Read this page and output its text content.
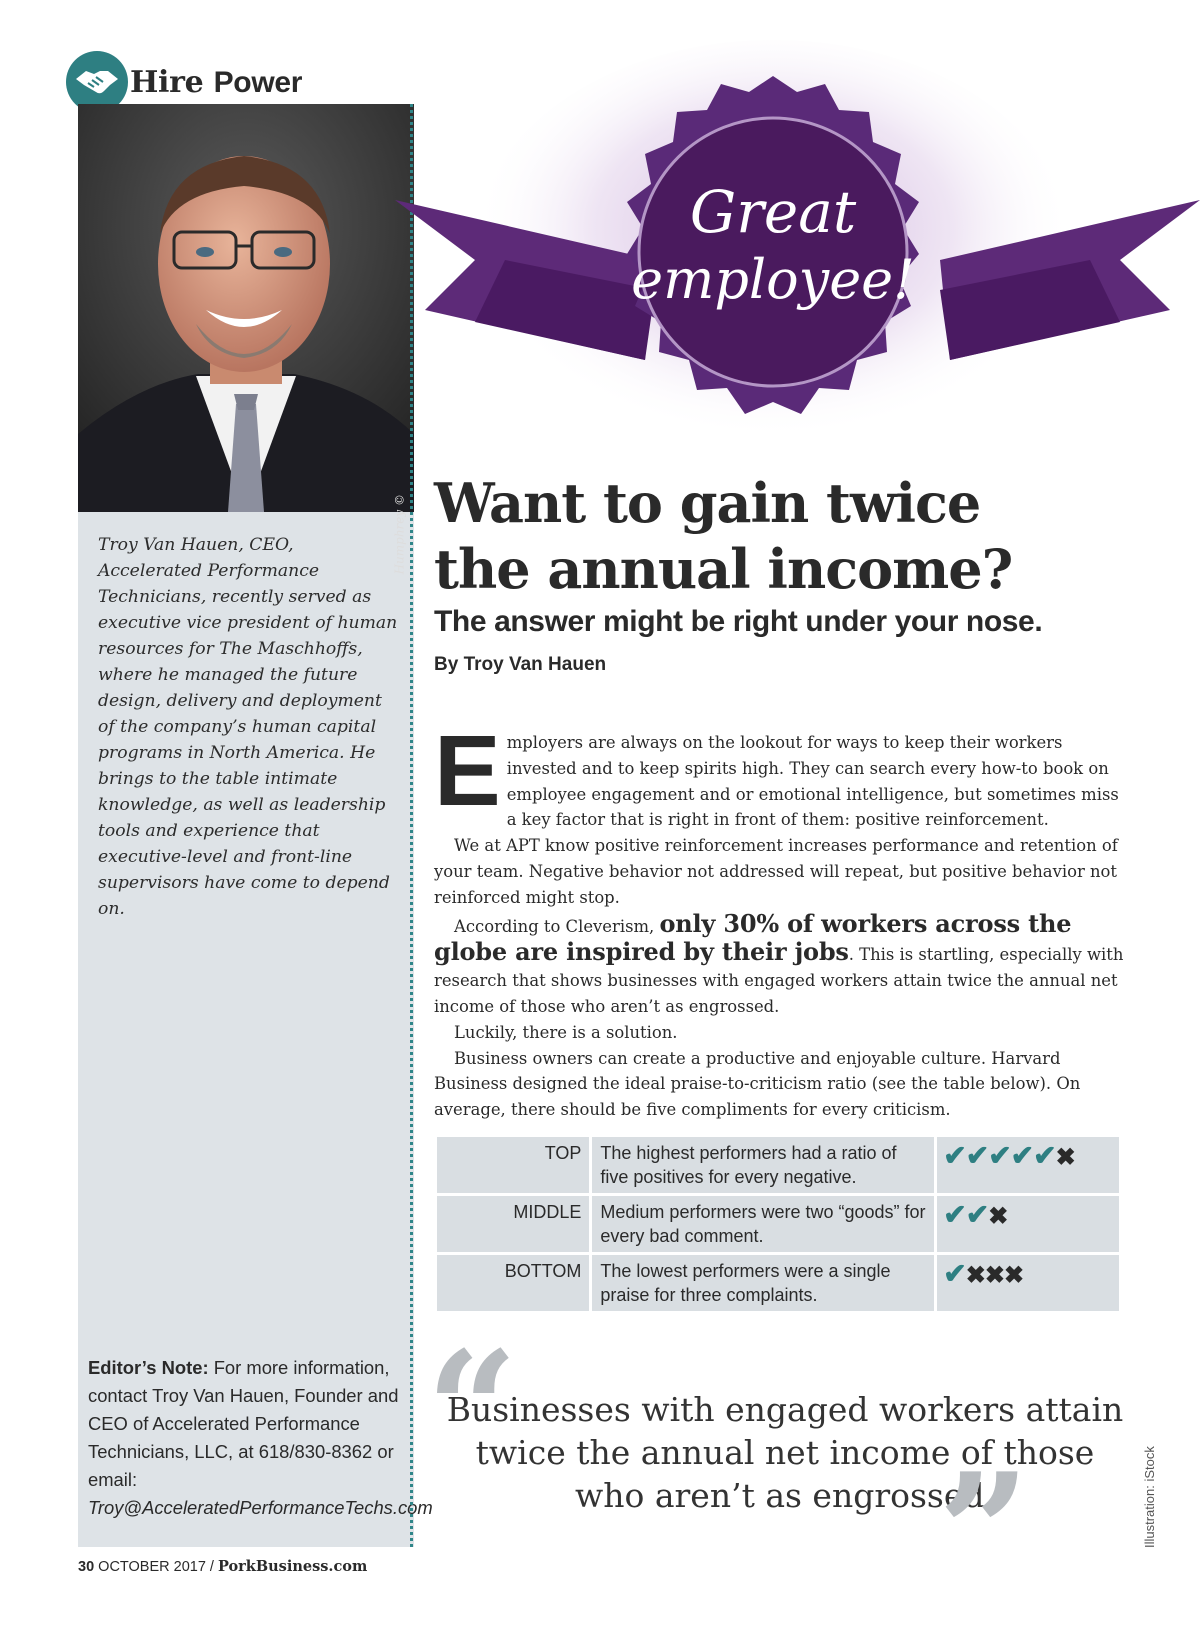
Hire Power
Humphrey ©
Troy Van Hauen, CEO, Accelerated Performance Technicians, recently served as executive vice president of human resources for The Maschhoffs, where he managed the future design, delivery and deployment of the company’s human capital programs in North America. He brings to the table intimate knowledge, as well as leadership tools and experience that executive-level and front-line supervisors have come to depend on.
Editor’s Note: For more information, contact Troy Van Hauen, Founder and CEO of Accelerated Performance Technicians, LLC, at 618/830-8362 or email: Troy@AcceleratedPerformanceTechs.com
Great
employee!
Want to gain twice
the annual income?
The answer might be right under your nose.
By Troy Van Hauen

Employers are always on the lookout for ways to keep their workers invested and to keep spirits high. They can search every how-to book on employee engagement and or emotional intelligence, but sometimes miss a key factor that is right in front of them: positive reinforcement.

We at APT know positive reinforcement increases performance and retention of your team. Negative behavior not addressed will repeat, but positive behavior not reinforced might stop.

According to Cleverism, only 30% of workers across the globe are inspired by their jobs. This is startling, especially with research that shows businesses with engaged workers attain twice the annual net income of those who aren’t as engrossed.

Luckily, there is a solution.

Business owners can create a productive and enjoyable culture. Harvard Business designed the ideal praise-to-criticism ratio (see the table below). On average, there should be five compliments for every criticism.

TOP	The highest performers had a ratio of five positives for every negative.	✔✔✔✔✔✖
MIDDLE	Medium performers were two “goods” for every bad comment.	✔✔✖
BOTTOM	The lowest performers were a single praise for three complaints.	✔✖✖✖
“
Businesses with engaged workers attain twice the annual net income of those who aren’t as engrossed.
”	Illustration: iStock
30 OCTOBER 2017 / PorkBusiness.com
